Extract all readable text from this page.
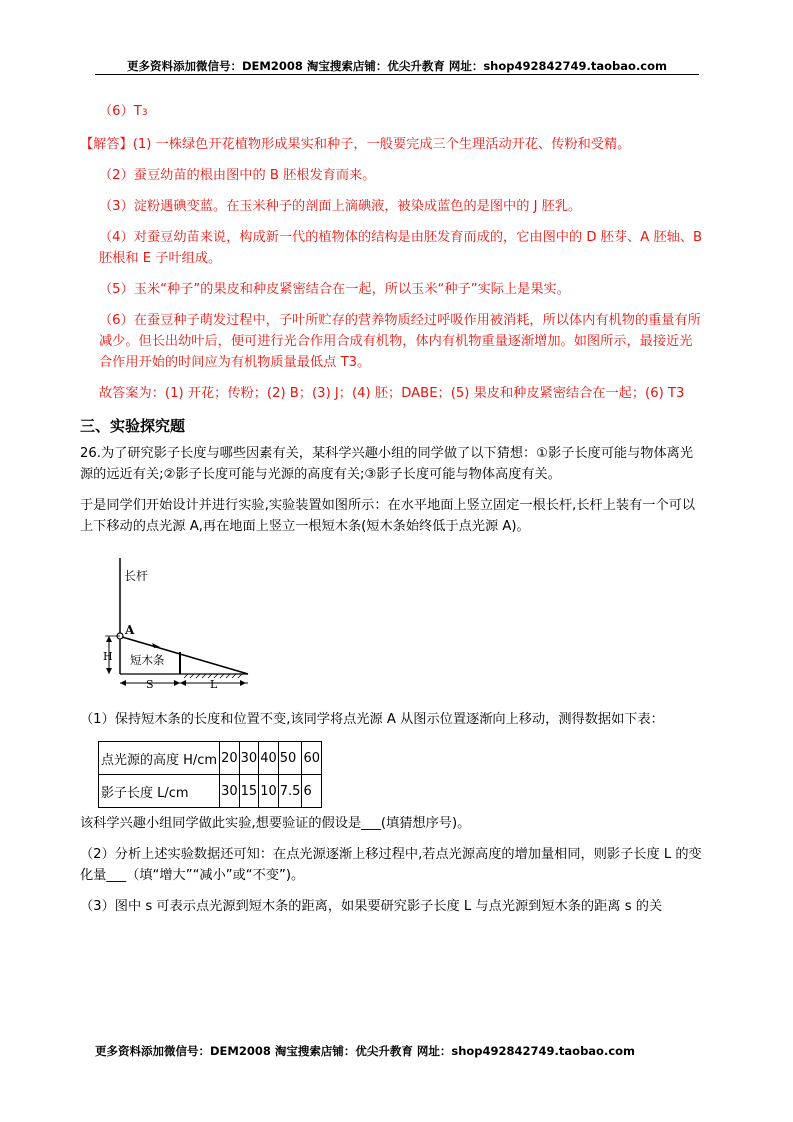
更多资料添加微信号：DEM2008 淘宝搜索店铺：优尖升教育 网址：shop492842749.taobao.com

（6）T3

【解答】(1) 一株绿色开花植物形成果实和种子，一般要完成三个生理活动开花、传粉和受精。

（2）蚕豆幼苗的根由图中的 B 胚根发育而来。

（3）淀粉遇碘变蓝。在玉米种子的剖面上滴碘液，被染成蓝色的是图中的 J 胚乳。

（4）对蚕豆幼苗来说，构成新一代的植物体的结构是由胚发育而成的，它由图中的 D 胚芽、A 胚轴、B 胚根和 E 子叶组成。

（5）玉米“种子”的果皮和种皮紧密结合在一起，所以玉米“种子”实际上是果实。

（6）在蚕豆种子萌发过程中，子叶所贮存的营养物质经过呼吸作用被消耗，所以体内有机物的重量有所减少。但长出幼叶后，便可进行光合作用合成有机物，体内有机物重量逐渐增加。如图所示，最接近光合作用开始的时间应为有机物质量最低点 T3。

故答案为：(1) 开花；传粉；(2) B；(3) J；(4) 胚；DABE；(5) 果皮和种皮紧密结合在一起；(6) T3

三、实验探究题

26.为了研究影子长度与哪些因素有关，某科学兴趣小组的同学做了以下猜想：①影子长度可能与物体离光源的远近有关;②影子长度可能与光源的高度有关;③影子长度可能与物体高度有关。

于是同学们开始设计并进行实验,实验装置如图所示：在水平地面上竖立固定一根长杆,长杆上装有一个可以上下移动的点光源 A,再在地面上竖立一根短木条(短木条始终低于点光源 A)。

长杆
A
短木条
H
S	L

（1）保持短木条的长度和位置不变,该同学将点光源 A 从图示位置逐渐向上移动，测得数据如下表：

点光源的高度 H/cm	20	30	40	50	60
影子长度 L/cm	30	15	10	7.5	6

该科学兴趣小组同学做此实验,想要验证的假设是___(填猜想序号)。

（2）分析上述实验数据还可知：在点光源逐渐上移过程中,若点光源高度的增加量相同，则影子长度 L 的变化量___（填“增大”“减小”或“不变”)。

（3）图中 s 可表示点光源到短木条的距离，如果要研究影子长度 L 与点光源到短木条的距离 s 的关

更多资料添加微信号：DEM2008 淘宝搜索店铺：优尖升教育 网址：shop492842749.taobao.com
